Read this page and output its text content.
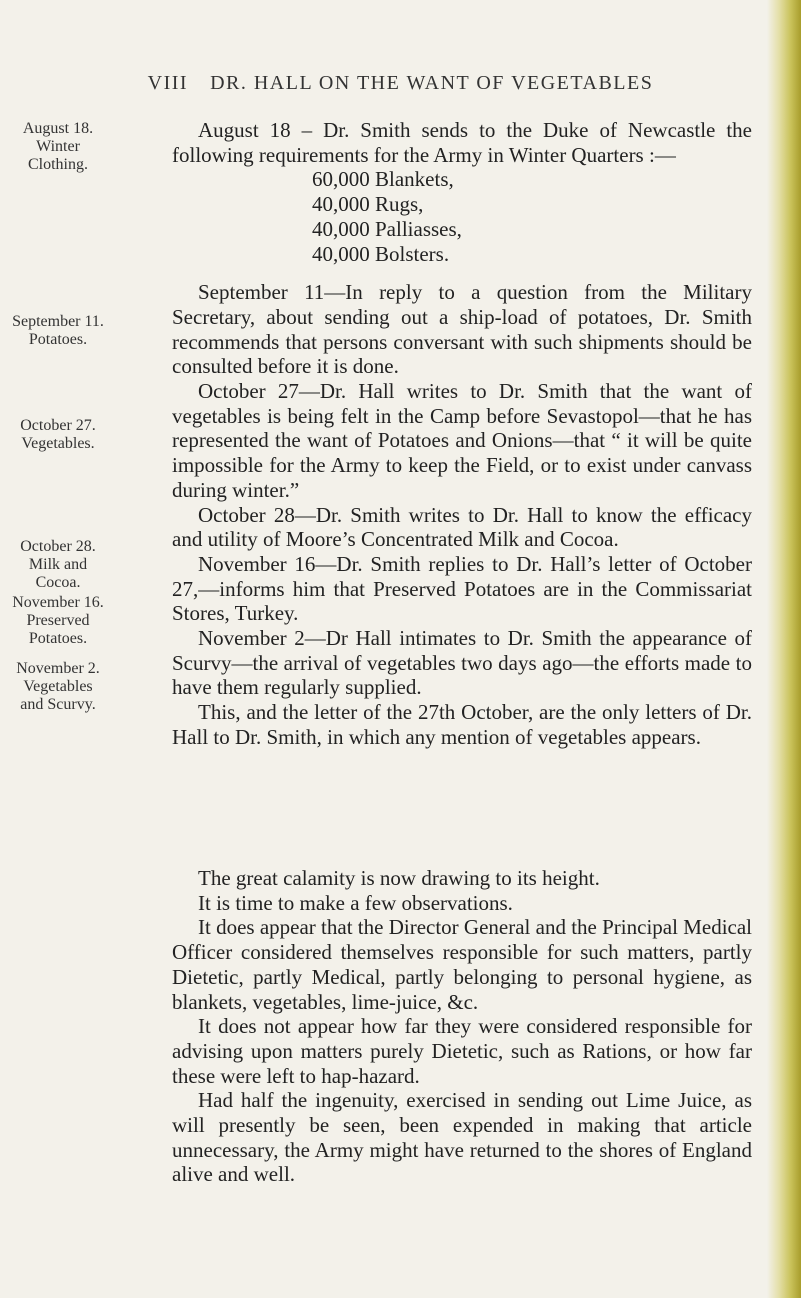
VIII DR. HALL ON THE WANT OF VEGETABLES
August 18.
Winter
Clothing.
September 11.
Potatoes.
October 27.
Vegetables.
October 28.
Milk and
Cocoa.
November 16.
Preserved
Potatoes.
November 2.
Vegetables
and Scurvy.

August 18 – Dr. Smith sends to the Duke of Newcastle the following requirements for the Army in Winter Quarters :—

60,000 Blankets,

40,000 Rugs,

40,000 Palliasses,

40,000 Bolsters.

September 11—In reply to a question from the Military Secretary, about sending out a ship-load of potatoes, Dr. Smith recommends that persons conversant with such shipments should be consulted before it is done.

October 27—Dr. Hall writes to Dr. Smith that the want of vegetables is being felt in the Camp before Sevastopol—that he has represented the want of Potatoes and Onions—that “ it will be quite impossible for the Army to keep the Field, or to exist under canvass during winter.”

October 28—Dr. Smith writes to Dr. Hall to know the efficacy and utility of Moore’s Concentrated Milk and Cocoa.

November 16—Dr. Smith replies to Dr. Hall’s letter of October 27,—informs him that Preserved Potatoes are in the Commissariat Stores, Turkey.

November 2—Dr Hall intimates to Dr. Smith the appearance of Scurvy—the arrival of vegetables two days ago—the efforts made to have them regularly supplied.

This, and the letter of the 27th October, are the only letters of Dr. Hall to Dr. Smith, in which any mention of vegetables appears.

The great calamity is now drawing to its height.

It is time to make a few observations.

It does appear that the Director General and the Principal Medical Officer considered themselves responsible for such matters, partly Dietetic, partly Medical, partly belonging to personal hygiene, as blankets, vegetables, lime-juice, &c.

It does not appear how far they were considered responsible for advising upon matters purely Dietetic, such as Rations, or how far these were left to hap-hazard.

Had half the ingenuity, exercised in sending out Lime Juice, as will presently be seen, been expended in making that article unnecessary, the Army might have returned to the shores of England alive and well.
